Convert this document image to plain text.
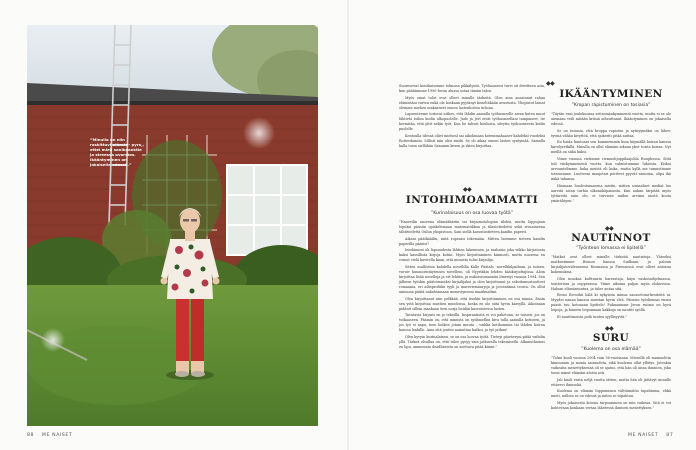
”Minulla on niin raskittuvi elämän- pyrs,, ettei mieli sanikaanktie ja streessa ovorstos. Ikääntyminen on jokaisella edessä.”
88 ME NAISET

Suurenevat koisikaisenme tolmona pikkälysöä. Työhuoneesi turvi sit dreefinen asia, kun päätänmme 1990-luvun alussa ostaa tämän talon.

Myös omat tulot ovat olleet minulle tärkeitä. Olen aina ansainnut rahaa elämistäni varten enkä ole koskaan pyytänyt keneltäkään avustusta. Yliopistot lainat olemme miehen maksaneet ennen lastenhoitoa tuhoaa.

Lapsenteeme torisvat aitheo, että lähdin aamulla työhuoneelle aivan kuten muut lähtivät toihin kodin ulkopuolelle. Jade ja Jeri eivät työhuoneellani tampaneet, ite hermitän, että jätit nekin työt. Kun he tulivat koulusta, sitrytin työhuoneesta kodin puolelle.

Kentoulla tilessä oliivi miehenl sai aikohmaan kotemmahaaser kahdeksi vuodeksi Rotterdamiin. Sillisit niin olisi sindä. Se oli aikaa ennen lasten syntymää. Samalla kalla tosin siellähän Sanamm kesen ja skien kirjoittaa.

◆◆
INTOHIMOAMMATTI
”Kurinalaisuus on osa luovaa työtä”

”Haaveilin nuorena elämääkäriin tai kirjaimotologian tiloksi, mutta loppujaan lopuksi pääsiin opiskelemaan matematiikkaa ja tilastotiedettä sekä sivuaineena tähtitiedettä Oulun yliopistoon. Sain siellä kasvatustieteen kandin paperit.

Aikani päätkääilin, mitä rupeaisi tekemään. Mitten laremme tieteen kandin paperilla pääsisi?

Intohimoni oli lapsuudesta lähtien lukeminen, ja raahasin joka viikko kirjastosta kaksi kassillista kirjoja kotiin. Myös kirjoittaminen kiinnosti, mutta nuorena en voinut vielä kuvitella kaan, että minusta tulisi kirjailija.

Sitten osallistuin kahdella novellilla Kalle Päätalo -novellikilpailuun, ja toinen, vuroiv huumorintäyteinen novelleni, oli Nyyrikkin lehden käsikirjoittajissa. Aloin kirjoittaa lisää novelleja ja ert lehtiin, ja esikoisromaanini ilmestyi vuonna 1994. Sen jälkeen työskin päätoimiseksi kirjailijaksi ja olen kirjoittanut ja sekoitamustuotteet romaania, eri aiheprofiilin tyyli ja maveriemaarjoja ja jotoentämä teosta. On ollut aminona päätä nakahtamaan menestyneeni maailmaltini.

Olen kirjoittanut niin pelkkää, että itsekin kirjoittaminen on osa minua. Ensin sen ystä kirjoittaa mustien muodossa, koska en ole siitä hyvin kärsyllä. Aikoinaan pidänit sillem maakaan tiesi norja heidän kasvoisressa lasten.

Tavatavia kirjasti on jo tekeillä. Inspiraatioita ei voi paketona, ar toisien, jos on tutkaaseen. Päämin on, että minusta on sydämellini kiva tulla aamulla kotiseen, ja jos työ ei napa, teen heiken jotain muuta – vaikka kotihommia tai lähden koiran kanssa lenkille. Aina sitä joutuu aamuttaa katkoi, ja työ jatkuu!

Olen kyvyin kurinalainen, se on osa luovaa työtä. Tieteyi päiväeryni pitää vaihdin yllä. Tärkeä olvallua on, että tulee pysyy vain jatkuvalla tekemisellä. Alkanutkainus en lipu, ammenata deadlineista on asettava pitää kiinni.”

◆◆
IKÄÄNTYMINEN
”Kropan rapistuminen on tosiasia”

”Täytän ensi joulukuussa seitsemänkymmentä vuotta, mutta ei se ole aiemaan veili mitään kriisiä aiheuttanut. Ikääntyminen on jokaisella edessä.

Se on tosiasia, että kroppa rapistuu ja nytnyymäksi on lähes- tyvinä vähän kivyttöä, että sjokeriti pitää auttaa.

En hoida kuntoani sen kummemmin kuin käymällä koiran kanssa kävelyretkillä. Minulla on ollut elämäni aikana yksi- toista koiraa. Nyt meillä on siikä kaksi.

Viime vuonna vietimme riemuohjuppilaajohla Ruuphossa. Siitä tuli viiskymmenenti vuotta, kun valmistuimme lukiosta. Kiskoi arvuuntelimme, kuka meistä eli kuka, mutta kyllä me tunnistimme toisemmme. Luotteeni maajotari pörtteet pyyvät samoina, olipa ikä mikä tahansa.

Hiemaan huolestumasena mietin, mitten sosiaaliset mediat luo aareitä aivan turhia ulkonäköpaineita. Kun aukan tärpitää myös tyttäreitä nain ole, ei turvinee niiden arvimu niistä koota ymärähtyen.”

◆◆
NAUTINNOT
”Työnteon lomassa ei lipitellä”

”Matkat ovat olleet minulle tärkeitä nautintoja. Yhteeksi matkustimme Reinon kanssa Sudhaan, ja paluun kirjailijatovideassensi Roomassa ja Firenzessä ovat olleet antoisia kokemuksia.

Olen innokas kulttuurin harrastaja, käyn vaskosaihjelmassa, teatterissa ja oopperassa. Viime aikoina paljon myös elokuvissa. Haluan elämäntuntua, ja tulee antaa sitä.

Reino Eerookii hälä ki nykyisiin minua saoasetomi-kesiteitä ui. Myydei nauan kanssa muistan hyvin elvä. Päivisin työskennai ensisi paasti tuu kotonaan lipittele! Pukuaamme Jeron ruiimo on hyvä leipoja, ja häneen leipomiaan kakkuja on nautitt syöllä.

Ei nautitmoista pidä tuntea syyllisyyttä.”

◆◆
SURU
”Kuolema on osa elämää”

”Tolmi kuoli vuonna 2004 vain 56-vuotiaana. Miesellä oli mamuohtin kimuunnin ja monia sairaudeta, eikä kuolema ollut yllätys. Jotenkin vaikeaita menettyksensä oli se ajatus, että hän oli aissa ihminen, joka tunsi minut elämäni alusta asti.

Jali kuoli vasta neljä vuotta tätten, mutta hän oli jättävyt minulle ettävevi ihmisekä.

Kuolema on elämän luppuminen välttämätön tapahtuma, ehkä mieti, milloin se on edessä ja miten se tapahtuu.

Myös jokaisesta kotona tarpoaminen on niin vaikeaa. Sitä ei voi kohtevaan konkaan vertaa lähetessä ihmisen menettyksen.”

ME NAISET 87
